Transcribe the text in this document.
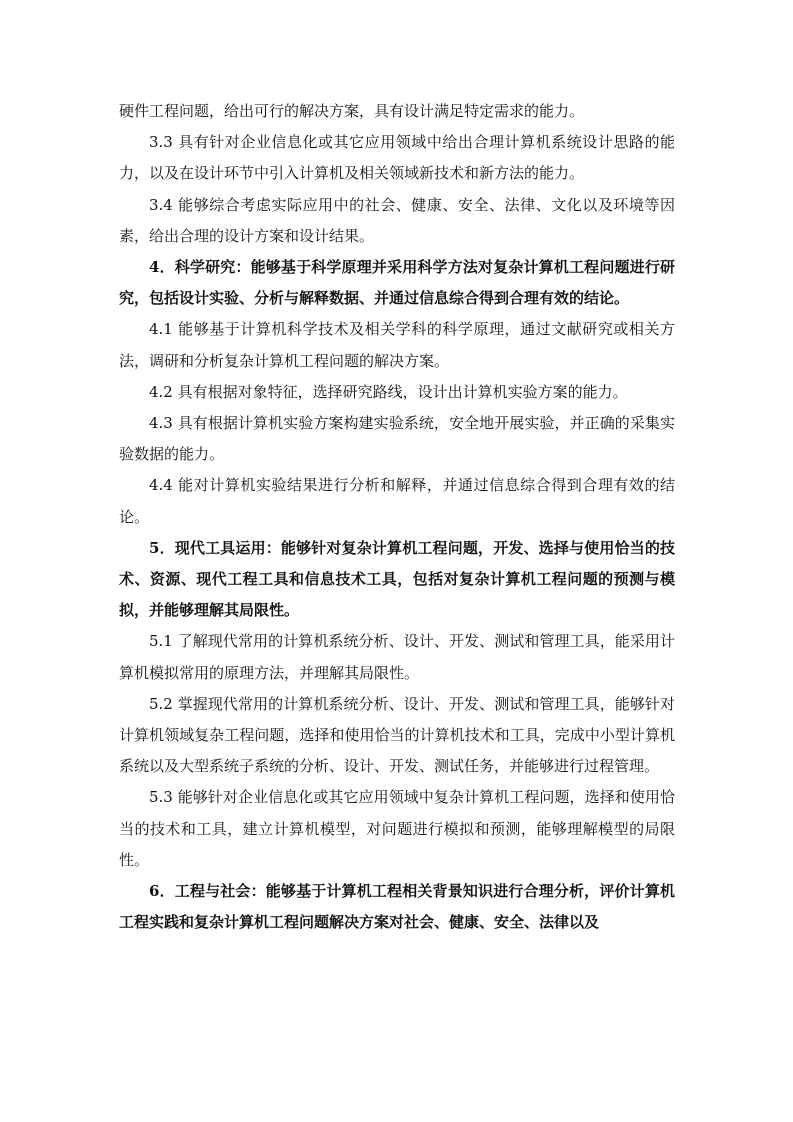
硬件工程问题，给出可行的解决方案，具有设计满足特定需求的能力。

3.3 具有针对企业信息化或其它应用领域中给出合理计算机系统设计思路的能力，以及在设计环节中引入计算机及相关领域新技术和新方法的能力。

3.4 能够综合考虑实际应用中的社会、健康、安全、法律、文化以及环境等因素，给出合理的设计方案和设计结果。

4．科学研究：能够基于科学原理并采用科学方法对复杂计算机工程问题进行研究，包括设计实验、分析与解释数据、并通过信息综合得到合理有效的结论。

4.1 能够基于计算机科学技术及相关学科的科学原理，通过文献研究或相关方法，调研和分析复杂计算机工程问题的解决方案。

4.2 具有根据对象特征，选择研究路线，设计出计算机实验方案的能力。

4.3 具有根据计算机实验方案构建实验系统，安全地开展实验，并正确的采集实验数据的能力。

4.4 能对计算机实验结果进行分析和解释，并通过信息综合得到合理有效的结论。

5．现代工具运用：能够针对复杂计算机工程问题，开发、选择与使用恰当的技术、资源、现代工程工具和信息技术工具，包括对复杂计算机工程问题的预测与模拟，并能够理解其局限性。

5.1 了解现代常用的计算机系统分析、设计、开发、测试和管理工具，能采用计算机模拟常用的原理方法，并理解其局限性。

5.2 掌握现代常用的计算机系统分析、设计、开发、测试和管理工具，能够针对计算机领域复杂工程问题，选择和使用恰当的计算机技术和工具，完成中小型计算机系统以及大型系统子系统的分析、设计、开发、测试任务，并能够进行过程管理。

5.3 能够针对企业信息化或其它应用领域中复杂计算机工程问题，选择和使用恰当的技术和工具，建立计算机模型，对问题进行模拟和预测，能够理解模型的局限性。

6．工程与社会：能够基于计算机工程相关背景知识进行合理分析，评价计算机工程实践和复杂计算机工程问题解决方案对社会、健康、安全、法律以及
